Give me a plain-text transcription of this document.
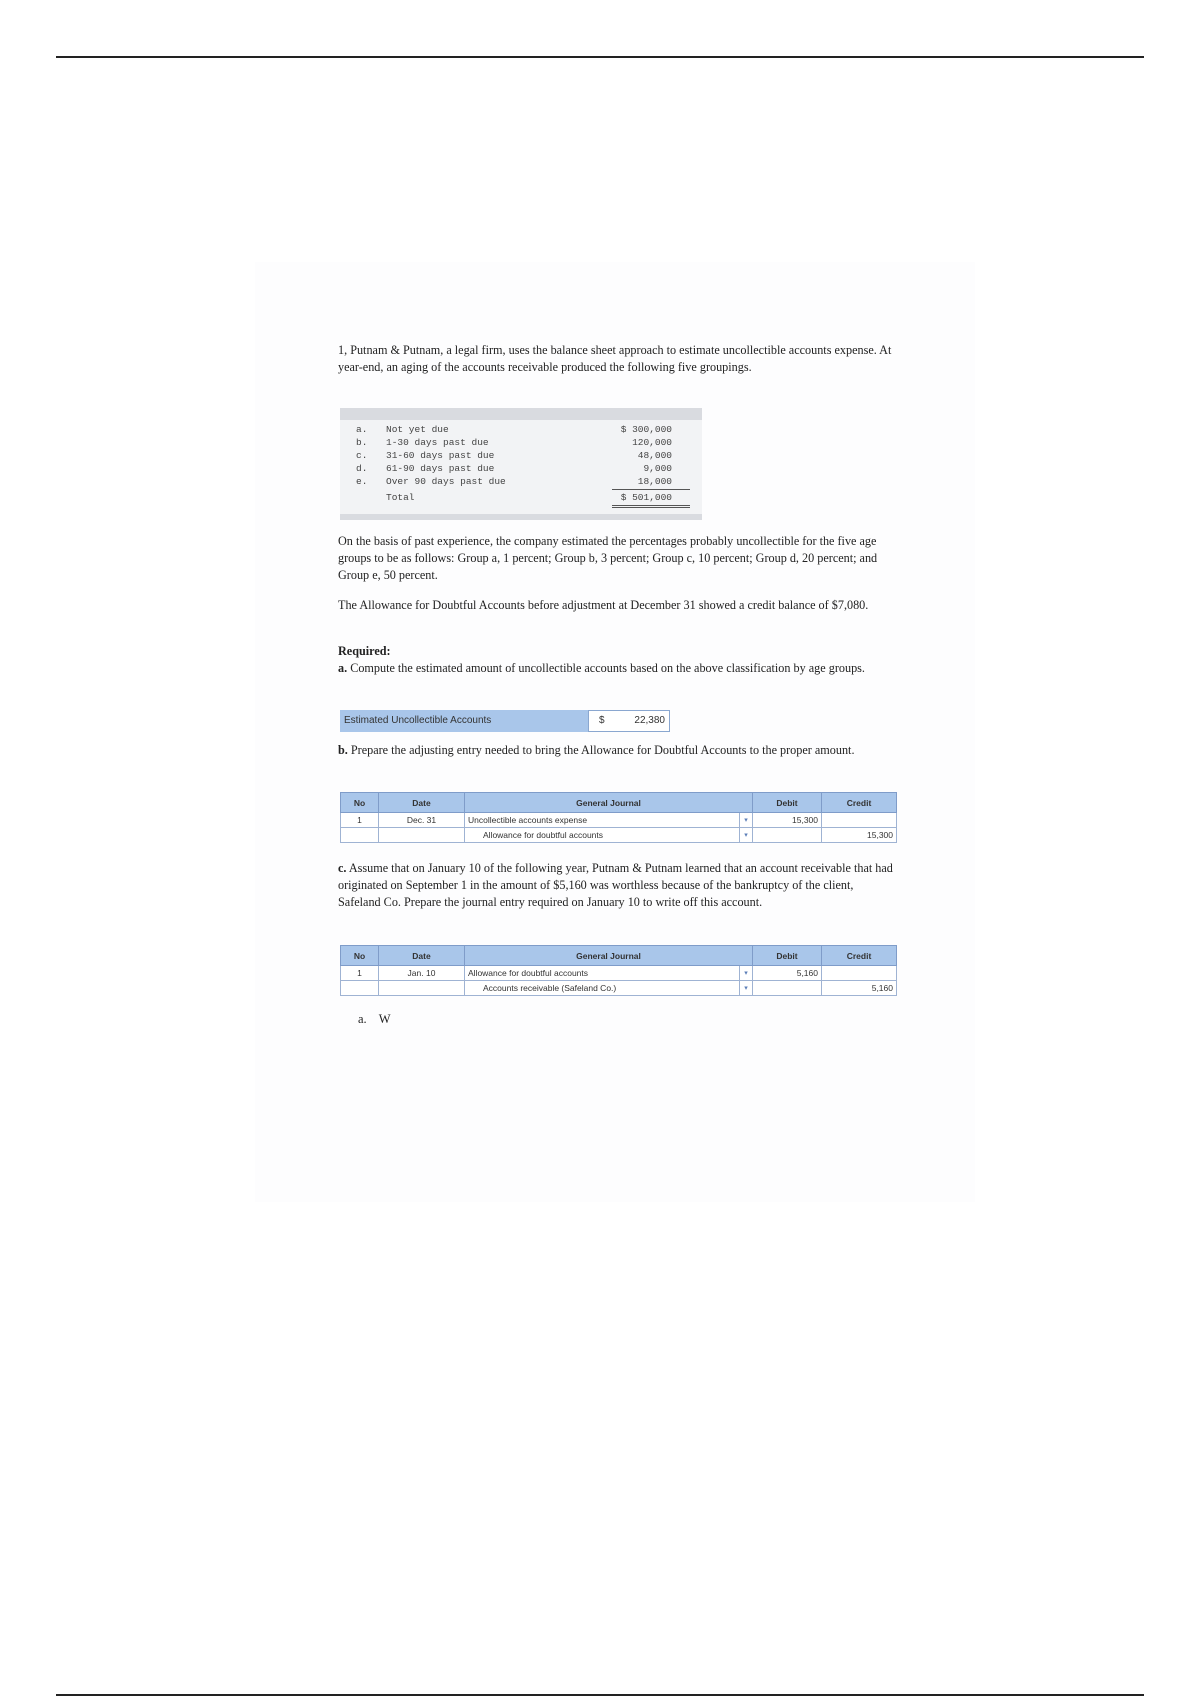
1, Putnam & Putnam, a legal firm, uses the balance sheet approach to estimate uncollectible accounts expense. At year-end, an aging of the accounts receivable produced the following five groupings.

a. Not yet due	$ 300,000
b. 1-30 days past due	120,000
c. 31-60 days past due	48,000
d. 61-90 days past due	9,000
e. Over 90 days past due	18,000
Total	$ 501,000

On the basis of past experience, the company estimated the percentages probably uncollectible for the five age groups to be as follows: Group a, 1 percent; Group b, 3 percent; Group c, 10 percent; Group d, 20 percent; and Group e, 50 percent.

The Allowance for Doubtful Accounts before adjustment at December 31 showed a credit balance of $7,080.

Required:
a. Compute the estimated amount of uncollectible accounts based on the above classification by age groups.

Estimated Uncollectible Accounts	$	22,380

b. Prepare the adjusting entry needed to bring the Allowance for Doubtful Accounts to the proper amount.

No	Date	General Journal		Debit	Credit
1	Dec. 31	Uncollectible accounts expense	▾	15,300	
		Allowance for doubtful accounts	▾		15,300

c. Assume that on January 10 of the following year, Putnam & Putnam learned that an account receivable that had originated on September 1 in the amount of $5,160 was worthless because of the bankruptcy of the client, Safeland Co. Prepare the journal entry required on January 10 to write off this account.

No	Date	General Journal		Debit	Credit
1	Jan. 10	Allowance for doubtful accounts	▾	5,160	
		Accounts receivable (Safeland Co.)	▾		5,160
a. W
